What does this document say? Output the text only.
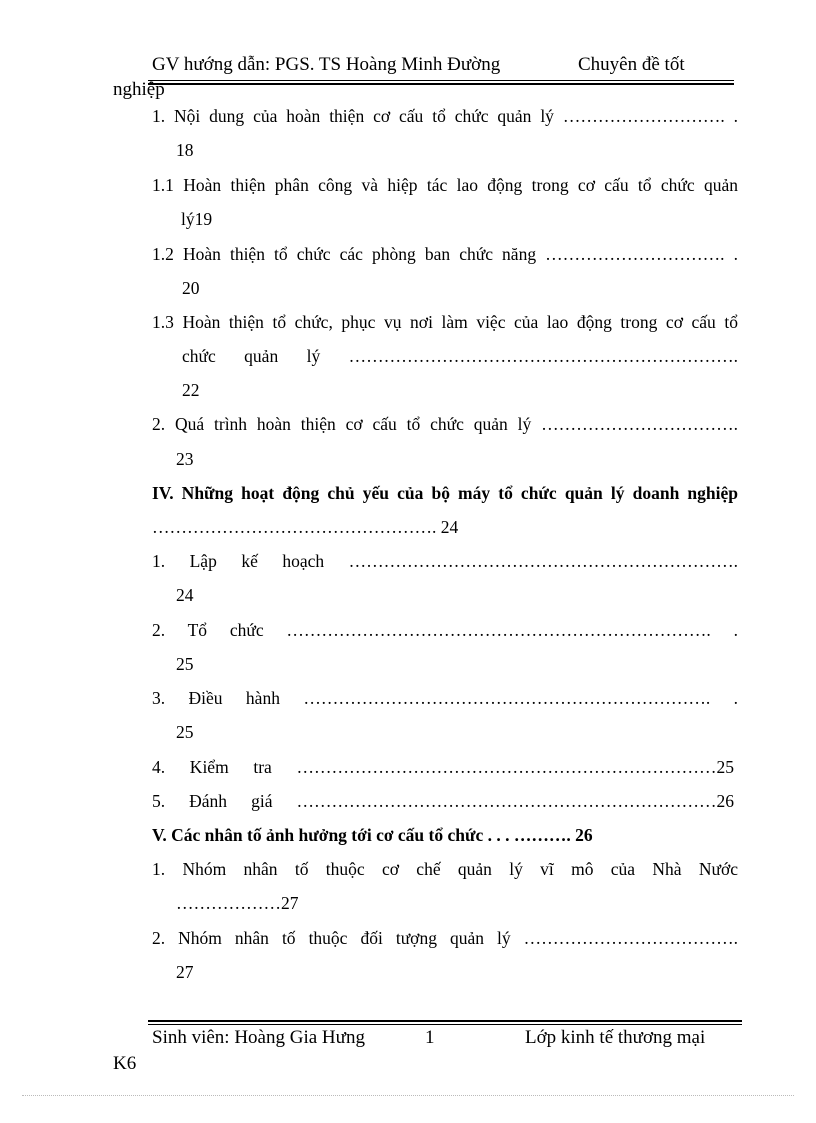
GV hướng dẫn: PGS. TS Hoàng Minh Đường	Chuyên đề tốt
nghiệp
1. Nội dung của hoàn thiện cơ cấu tổ chức quản lý ………………………. .
18
1.1 Hoàn thiện phân công và hiệp tác lao động trong cơ cấu tổ chức quản
lý19
1.2 Hoàn thiện tổ chức các phòng ban chức năng …………………………. .
20
1.3 Hoàn thiện tổ chức, phục vụ nơi làm việc của lao động trong cơ cấu tổ
chức quản lý ………………………………………………………….
22
2. Quá trình hoàn thiện cơ cấu tổ chức quản lý …………………………….
23
IV. Những hoạt động chủ yếu của bộ máy tổ chức quản lý doanh nghiệp
…………………………………………. 24
1. Lập kế hoạch ………………………………………………………….
24
2. Tổ chức ………………………………………………………………. .
25
3. Điều hành ……………………………………………………………. .
25
4. Kiểm tra ………………………………………………………………25
5. Đánh giá ………………………………………………………………26
V. Các nhân tố ảnh hưởng tới cơ cấu tổ chức . . . ………. 26
1. Nhóm nhân tố thuộc cơ chế quản lý vĩ mô của Nhà Nước
………………27
2. Nhóm nhân tố thuộc đối tượng quản lý ……………………………….
27
Sinh viên: Hoàng Gia Hưng	1	Lớp kinh tế thương mại
K6
